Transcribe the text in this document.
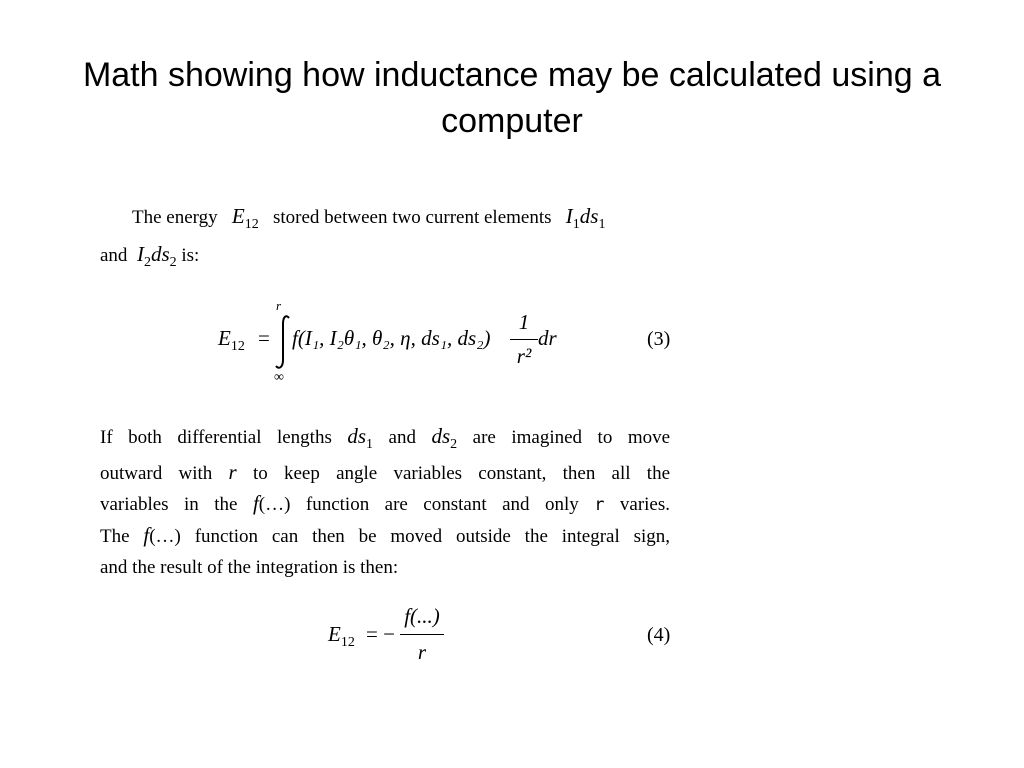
Math showing how inductance may be calculated using a computer
The energy $E_{12}$ stored between two current elements $I_1ds_1$
and $I_2ds_2$ is:
$E_{12}$ =
r
∞
f(I₁, I₂θ₁, θ₂, η, ds₁, ds₂)
1
r²
dr	(3)
If both differential lengths $ds_1$ and $ds_2$ are imagined to move
outward with r to keep angle variables constant, then all the
variables in the f(…) function are constant and only r varies.
The f(…) function can then be moved outside the integral sign,
and the result of the integration is then:
$E_{12}$ = −
f(...)
r
(4)
